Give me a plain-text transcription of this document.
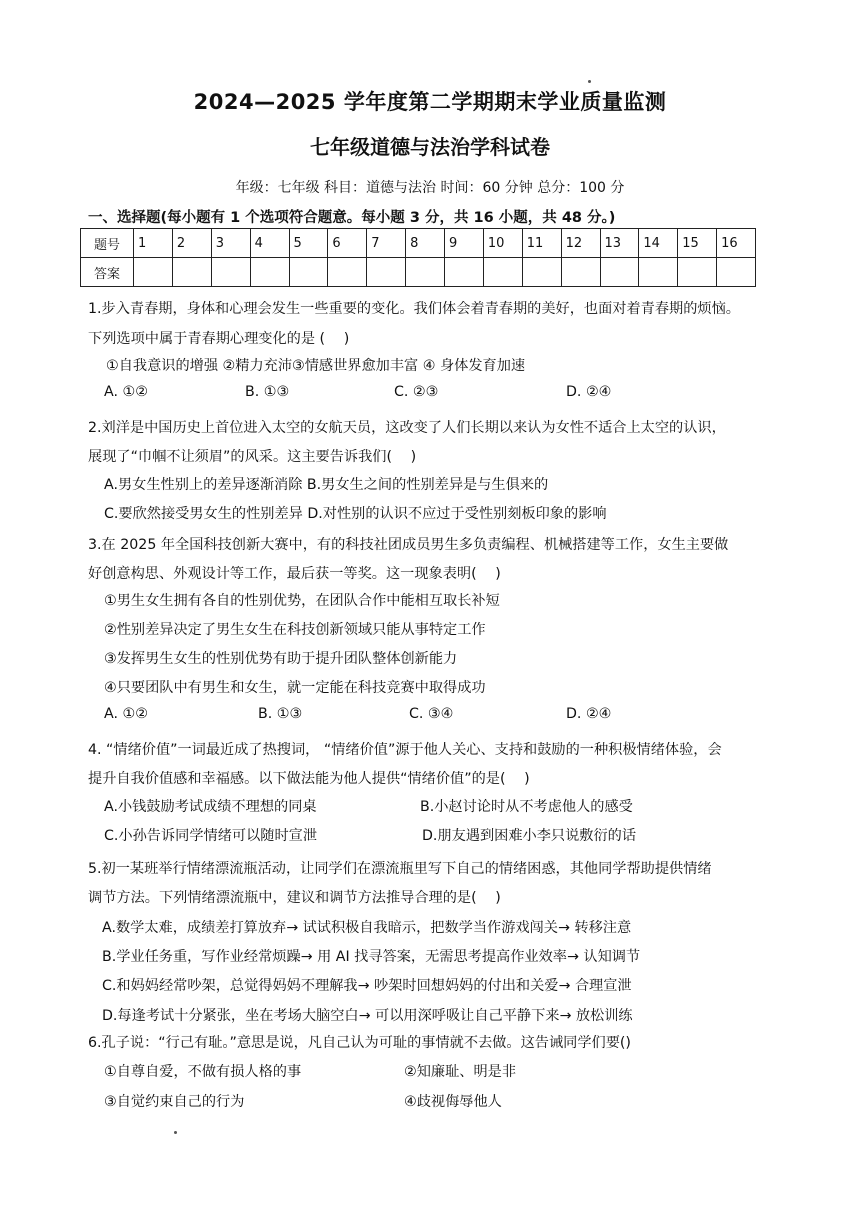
2024—2025 学年度第二学期期末学业质量监测
七年级道德与法治学科试卷
年级：七年级 科目：道德与法治 时间：60 分钟 总分：100 分
一、选择题(每小题有 1 个选项符合题意。每小题 3 分，共 16 小题，共 48 分。)
题号	1	2	3	4	5	6	7	8	9	10	11	12	13	14	15	16
答案																
1.步入青春期，身体和心理会发生一些重要的变化。我们体会着青春期的美好，也面对着青春期的烦恼。
下列选项中属于青春期心理变化的是 (　 )
①自我意识的增强 ②精力充沛③情感世界愈加丰富 ④ 身体发育加速
A. ①②	B. ①③	C. ②③	D. ②④
2.刘洋是中国历史上首位进入太空的女航天员，这改变了人们长期以来认为女性不适合上太空的认识，
展现了“巾帼不让须眉”的风采。这主要告诉我们(　 )
A.男女生性别上的差异逐渐消除 B.男女生之间的性别差异是与生俱来的
C.要欣然接受男女生的性别差异 D.对性别的认识不应过于受性别刻板印象的影响
3.在 2025 年全国科技创新大赛中，有的科技社团成员男生多负责编程、机械搭建等工作，女生主要做
好创意构思、外观设计等工作，最后获一等奖。这一现象表明(　 )
①男生女生拥有各自的性别优势，在团队合作中能相互取长补短
②性别差异决定了男生女生在科技创新领域只能从事特定工作
③发挥男生女生的性别优势有助于提升团队整体创新能力
④只要团队中有男生和女生，就一定能在科技竞赛中取得成功
A. ①②	B. ①③	C. ③④	D. ②④
4. “情绪价值”一词最近成了热搜词， “情绪价值”源于他人关心、支持和鼓励的一种积极情绪体验，会
提升自我价值感和幸福感。以下做法能为他人提供“情绪价值”的是(　 )
A.小钱鼓励考试成绩不理想的同桌	B.小赵讨论时从不考虑他人的感受
C.小孙告诉同学情绪可以随时宣泄	D.朋友遇到困难小李只说敷衍的话
5.初一某班举行情绪漂流瓶活动，让同学们在漂流瓶里写下自己的情绪困惑，其他同学帮助提供情绪
调节方法。下列情绪漂流瓶中，建议和调节方法推导合理的是(　 )
A.数学太难，成绩差打算放弃→ 试试积极自我暗示，把数学当作游戏闯关→ 转移注意
B.学业任务重，写作业经常烦躁→ 用 AI 找寻答案，无需思考提高作业效率→ 认知调节
C.和妈妈经常吵架，总觉得妈妈不理解我→ 吵架时回想妈妈的付出和关爱→ 合理宣泄
D.每逢考试十分紧张，坐在考场大脑空白→ 可以用深呼吸让自己平静下来→ 放松训练
6.孔子说：“行己有耻。”意思是说，凡自己认为可耻的事情就不去做。这告诫同学们要()
①自尊自爱，不做有损人格的事	②知廉耻、明是非
③自觉约束自己的行为	④歧视侮辱他人
